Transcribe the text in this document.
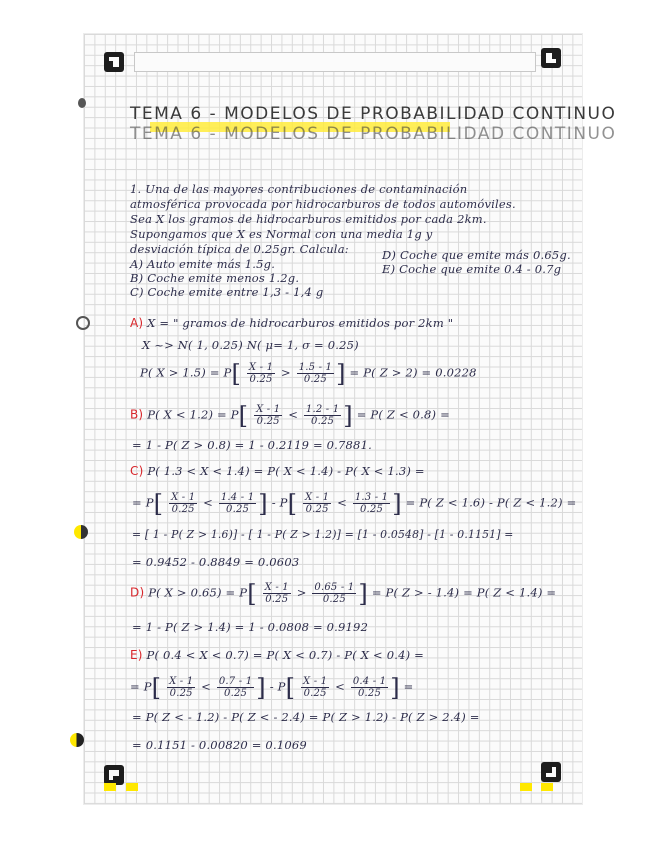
TEMA 6 - MODELOS DE PROBABILIDAD CONTINUO
TEMA 6 - MODELOS DE PROBABILIDAD CONTINUO
1. Una de las mayores contribuciones de contaminación
atmosférica provocada por hidrocarburos de todos automóviles.
Sea X los gramos de hidrocarburos emitidos por cada 2km.
Supongamos que X es Normal con una media 1g y
desviación típica de 0.25gr. Calcula:
A) Auto emite más 1.5g.
B) Coche emite menos 1.2g.
C) Coche emite entre 1,3 - 1,4 g
D) Coche que emite más 0.65g.
E) Coche que emite 0.4 - 0.7g
A) X = " gramos de hidrocarburos emitidos por 2km "
X ~> N( 1, 0.25) N( μ= 1, σ = 0.25)
P( $X > 1.5) = P[ \frac{X - 1}{0.25} > \frac{1.5 - 1}{0.25}$ ] = P( Z > 2) = 0.0228
B) P( $X < 1.2) = P[ \frac{X - 1}{0.25} < \frac{1.2 - 1}{0.25}$ ] = P( Z < 0.8) =
= 1 - P( Z > 0.8) = 1 - 0.2119 = 0.7881.
C) P( 1.3 < X < 1.4) = P( X < 1.4) - P( X < 1.3) =
= $P[ \frac{X - 1}{0.25} < \frac{1.4 - 1}{0.25}$ ] - $P[ \frac{X - 1}{0.25} < \frac{1.3 - 1}{0.25}$ ] = P( Z < 1.6) - P( Z < 1.2) =
= [ 1 - P( Z > 1.6)] - [ 1 - P( Z > 1.2)] = [1 - 0.0548] - [1 - 0.1151] =
= 0.9452 - 0.8849 = 0.0603
D) P( $X > 0.65) = P[ \frac{X - 1}{0.25} > \frac{0.65 - 1}{0.25}$ ] = P( Z > - 1.4) = P( Z < 1.4) =
= 1 - P( Z > 1.4) = 1 - 0.0808 = 0.9192
E) P( 0.4 < X < 0.7) = P( X < 0.7) - P( X < 0.4) =
= $P[ \frac{X - 1}{0.25} < \frac{0.7 - 1}{0.25}$ ] - $P[ \frac{X - 1}{0.25} < \frac{0.4 - 1}{0.25}$ ] =
= P( Z < - 1.2) - P( Z < - 2.4) = P( Z > 1.2) - P( Z > 2.4) =
= 0.1151 - 0.00820 = 0.1069
